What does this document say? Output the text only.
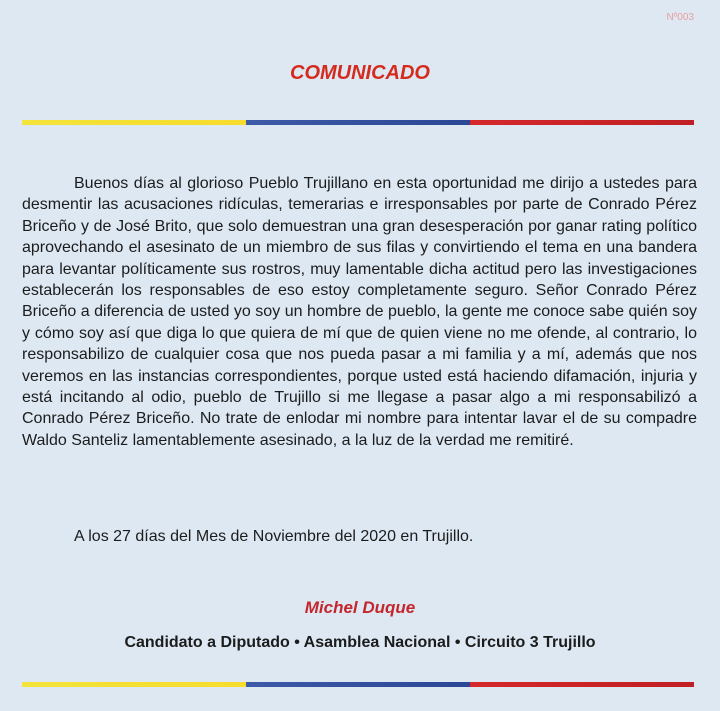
Nº003
COMUNICADO

Buenos días al glorioso Pueblo Trujillano en esta oportunidad me dirijo a ustedes para desmentir las acusaciones ridículas, temerarias e irresponsables por parte de Conrado Pérez Briceño y de José Brito, que solo demuestran una gran desesperación por ganar rating político aprovechando el asesinato de un miembro de sus filas y convirtiendo el tema en una bandera para levantar políticamente sus rostros, muy lamentable dicha actitud pero las investigaciones establecerán los responsables de eso estoy completamente seguro. Señor Conrado Pérez Briceño a diferencia de usted yo soy un hombre de pueblo, la gente me conoce sabe quién soy y cómo soy así que diga lo que quiera de mí que de quien viene no me ofende, al contrario, lo responsabilizo de cualquier cosa que nos pueda pasar a mi familia y a mí, además que nos veremos en las instancias correspondientes, porque usted está haciendo difamación, injuria y está incitando al odio, pueblo de Trujillo si me llegase a pasar algo a mi responsabilizó a Conrado Pérez Briceño. No trate de enlodar mi nombre para intentar lavar el de su compadre Waldo Santeliz lamentablemente asesinado, a la luz de la verdad me remitiré.

A los 27 días del Mes de Noviembre del 2020 en Trujillo.

Michel Duque
Candidato a Diputado • Asamblea Nacional • Circuito 3 Trujillo
